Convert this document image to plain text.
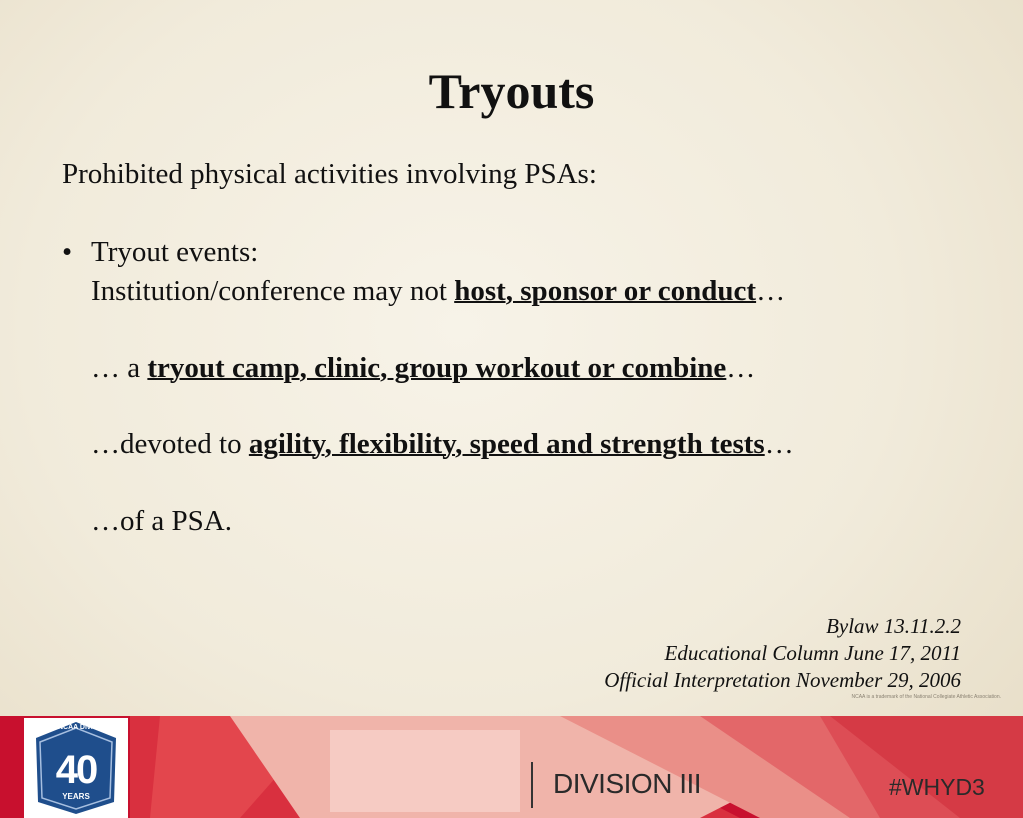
Tryouts
Prohibited physical activities involving PSAs:
• Tryout events:
Institution/conference may not host, sponsor or conduct…
… a tryout camp, clinic, group workout or combine…
…devoted to agility, flexibility, speed and strength tests…
…of a PSA.
Bylaw 13.11.2.2
Educational Column June 17, 2011
Official Interpretation November 29, 2006
NCAA is a trademark of the National Collegiate Athletic Association.
NCAA Division III
40
YEARS	DIVISION III	#WHYD3
